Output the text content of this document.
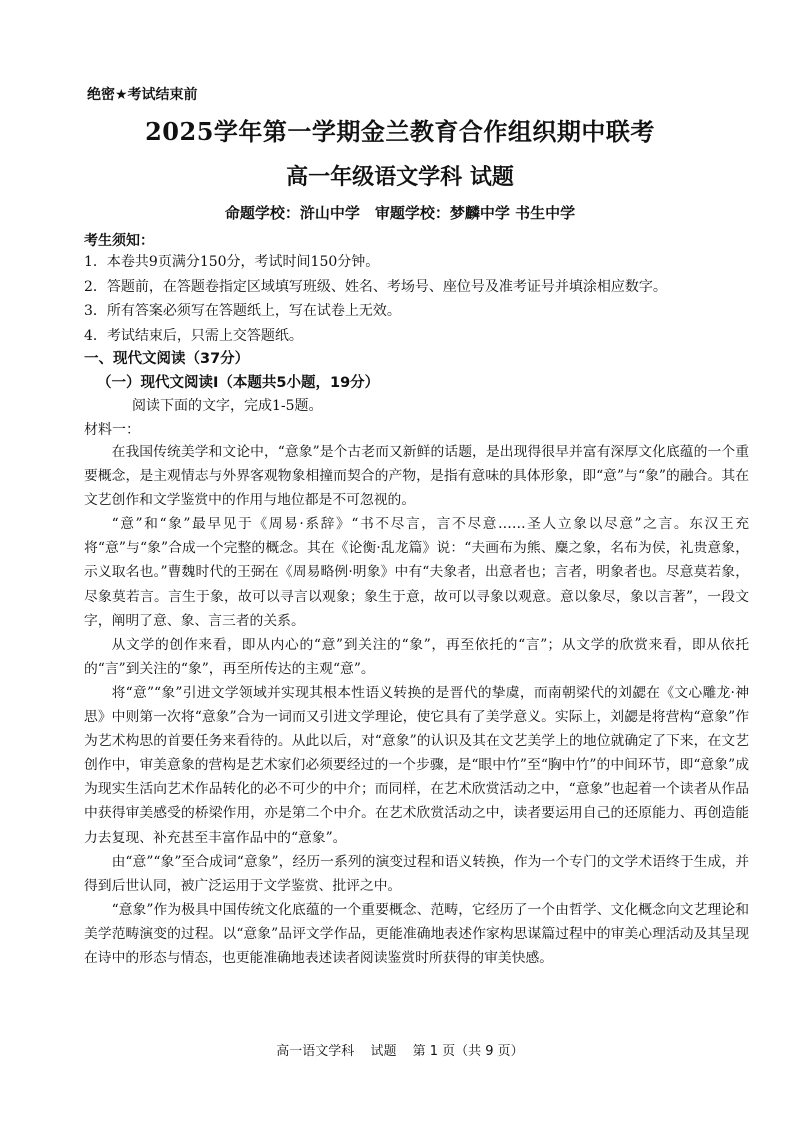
绝密★考试结束前
2025学年第一学期金兰教育合作组织期中联考
高一年级语文学科 试题
命题学校：浒山中学　审题学校：梦麟中学 书生中学
考生须知：
1．本卷共9页满分150分，考试时间150分钟。
2．答题前，在答题卷指定区域填写班级、姓名、考场号、座位号及准考证号并填涂相应数字。
3．所有答案必须写在答题纸上，写在试卷上无效。
4．考试结束后，只需上交答题纸。
一、现代文阅读（37分）
（一）现代文阅读Ⅰ（本题共5小题，19分）
阅读下面的文字，完成1-5题。
材料一：

在我国传统美学和文论中，“意象”是个古老而又新鲜的话题，是出现得很早并富有深厚文化底蕴的一个重要概念，是主观情志与外界客观物象相撞而契合的产物，是指有意味的具体形象，即“意”与“象”的融合。其在文艺创作和文学鉴赏中的作用与地位都是不可忽视的。

“意”和“象”最早见于《周易·系辞》“书不尽言，言不尽意……圣人立象以尽意”之言。东汉王充将“意”与“象”合成一个完整的概念。其在《论衡·乱龙篇》说：“夫画布为熊、麋之象，名布为侯，礼贵意象，示义取名也。”曹魏时代的王弼在《周易略例·明象》中有“夫象者，出意者也；言者，明象者也。尽意莫若象，尽象莫若言。言生于象，故可以寻言以观象；象生于意，故可以寻象以观意。意以象尽，象以言著”，一段文字，阐明了意、象、言三者的关系。

从文学的创作来看，即从内心的“意”到关注的“象”，再至依托的“言”；从文学的欣赏来看，即从依托的“言”到关注的“象”，再至所传达的主观“意”。

将“意”“象”引进文学领域并实现其根本性语义转换的是晋代的挚虞，而南朝梁代的刘勰在《文心雕龙·神思》中则第一次将“意象”合为一词而又引进文学理论，使它具有了美学意义。实际上，刘勰是将营构“意象”作为艺术构思的首要任务来看待的。从此以后，对“意象”的认识及其在文艺美学上的地位就确定了下来，在文艺创作中，审美意象的营构是艺术家们必须要经过的一个步骤，是“眼中竹”至“胸中竹”的中间环节，即“意象”成为现实生活向艺术作品转化的必不可少的中介；而同样，在艺术欣赏活动之中，“意象”也起着一个读者从作品中获得审美感受的桥梁作用，亦是第二个中介。在艺术欣赏活动之中，读者要运用自己的还原能力、再创造能力去复现、补充甚至丰富作品中的“意象”。

由“意”“象”至合成词“意象”，经历一系列的演变过程和语义转换，作为一个专门的文学术语终于生成，并得到后世认同，被广泛运用于文学鉴赏、批评之中。

“意象”作为极具中国传统文化底蕴的一个重要概念、范畴，它经历了一个由哲学、文化概念向文艺理论和美学范畴演变的过程。以“意象”品评文学作品，更能准确地表述作家构思谋篇过程中的审美心理活动及其呈现在诗中的形态与情态，也更能准确地表述读者阅读鉴赏时所获得的审美快感。

高一语文学科 试题 第 1 页（共 9 页）
